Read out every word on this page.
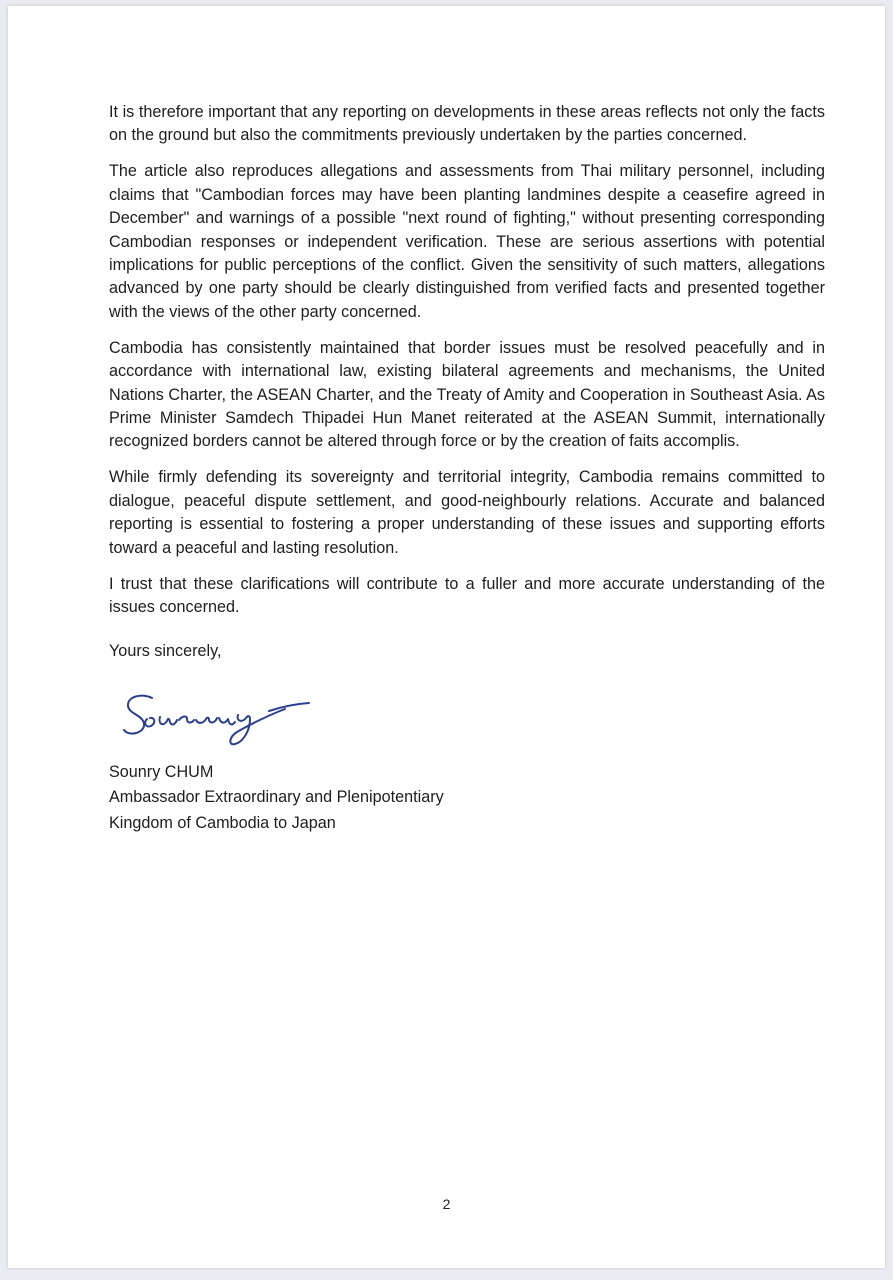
It is therefore important that any reporting on developments in these areas reflects not only the facts on the ground but also the commitments previously undertaken by the parties concerned.

The article also reproduces allegations and assessments from Thai military personnel, including claims that "Cambodian forces may have been planting landmines despite a ceasefire agreed in December" and warnings of a possible "next round of fighting," without presenting corresponding Cambodian responses or independent verification. These are serious assertions with potential implications for public perceptions of the conflict. Given the sensitivity of such matters, allegations advanced by one party should be clearly distinguished from verified facts and presented together with the views of the other party concerned.

Cambodia has consistently maintained that border issues must be resolved peacefully and in accordance with international law, existing bilateral agreements and mechanisms, the United Nations Charter, the ASEAN Charter, and the Treaty of Amity and Cooperation in Southeast Asia. As Prime Minister Samdech Thipadei Hun Manet reiterated at the ASEAN Summit, internationally recognized borders cannot be altered through force or by the creation of faits accomplis.

While firmly defending its sovereignty and territorial integrity, Cambodia remains committed to dialogue, peaceful dispute settlement, and good-neighbourly relations. Accurate and balanced reporting is essential to fostering a proper understanding of these issues and supporting efforts toward a peaceful and lasting resolution.

I trust that these clarifications will contribute to a fuller and more accurate understanding of the issues concerned.

Yours sincerely,

Sounry CHUM

Ambassador Extraordinary and Plenipotentiary

Kingdom of Cambodia to Japan

2
